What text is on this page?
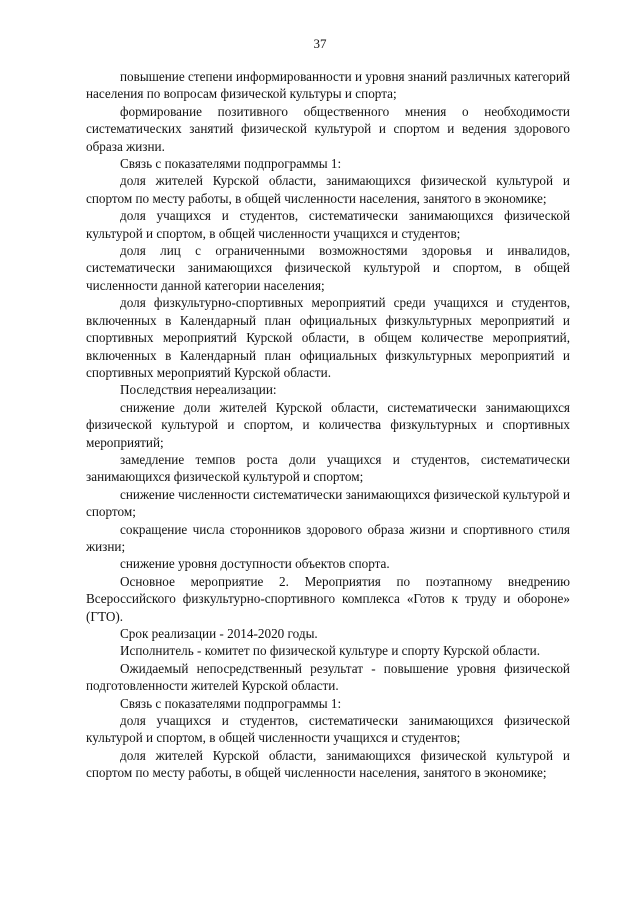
37

повышение степени информированности и уровня знаний различных категорий населения по вопросам физической культуры и спорта;

формирование позитивного общественного мнения о необходимости систематических занятий физической культурой и спортом и ведения здорового образа жизни.

Связь с показателями подпрограммы 1:

доля жителей Курской области, занимающихся физической культурой и спортом по месту работы, в общей численности населения, занятого в экономике;

доля учащихся и студентов, систематически занимающихся физической культурой и спортом, в общей численности учащихся и студентов;

доля лиц с ограниченными возможностями здоровья и инвалидов, систематически занимающихся физической культурой и спортом, в общей численности данной категории населения;

доля физкультурно-спортивных мероприятий среди учащихся и студентов, включенных в Календарный план официальных физкультурных мероприятий и спортивных мероприятий Курской области, в общем количестве мероприятий, включенных в Календарный план официальных физкультурных мероприятий и спортивных мероприятий Курской области.

Последствия нереализации:

снижение доли жителей Курской области, систематически занимающихся физической культурой и спортом, и количества физкультурных и спортивных мероприятий;

замедление темпов роста доли учащихся и студентов, систематически занимающихся физической культурой и спортом;

снижение численности систематически занимающихся физической культурой и спортом;

сокращение числа сторонников здорового образа жизни и спортивного стиля жизни;

снижение уровня доступности объектов спорта.

Основное мероприятие 2. Мероприятия по поэтапному внедрению Всероссийского физкультурно-спортивного комплекса «Готов к труду и обороне» (ГТО).

Срок реализации - 2014-2020 годы.

Исполнитель - комитет по физической культуре и спорту Курской области.

Ожидаемый непосредственный результат - повышение уровня физической подготовленности жителей Курской области.

Связь с показателями подпрограммы 1:

доля учащихся и студентов, систематически занимающихся физической культурой и спортом, в общей численности учащихся и студентов;

доля жителей Курской области, занимающихся физической культурой и спортом по месту работы, в общей численности населения, занятого в экономике;
